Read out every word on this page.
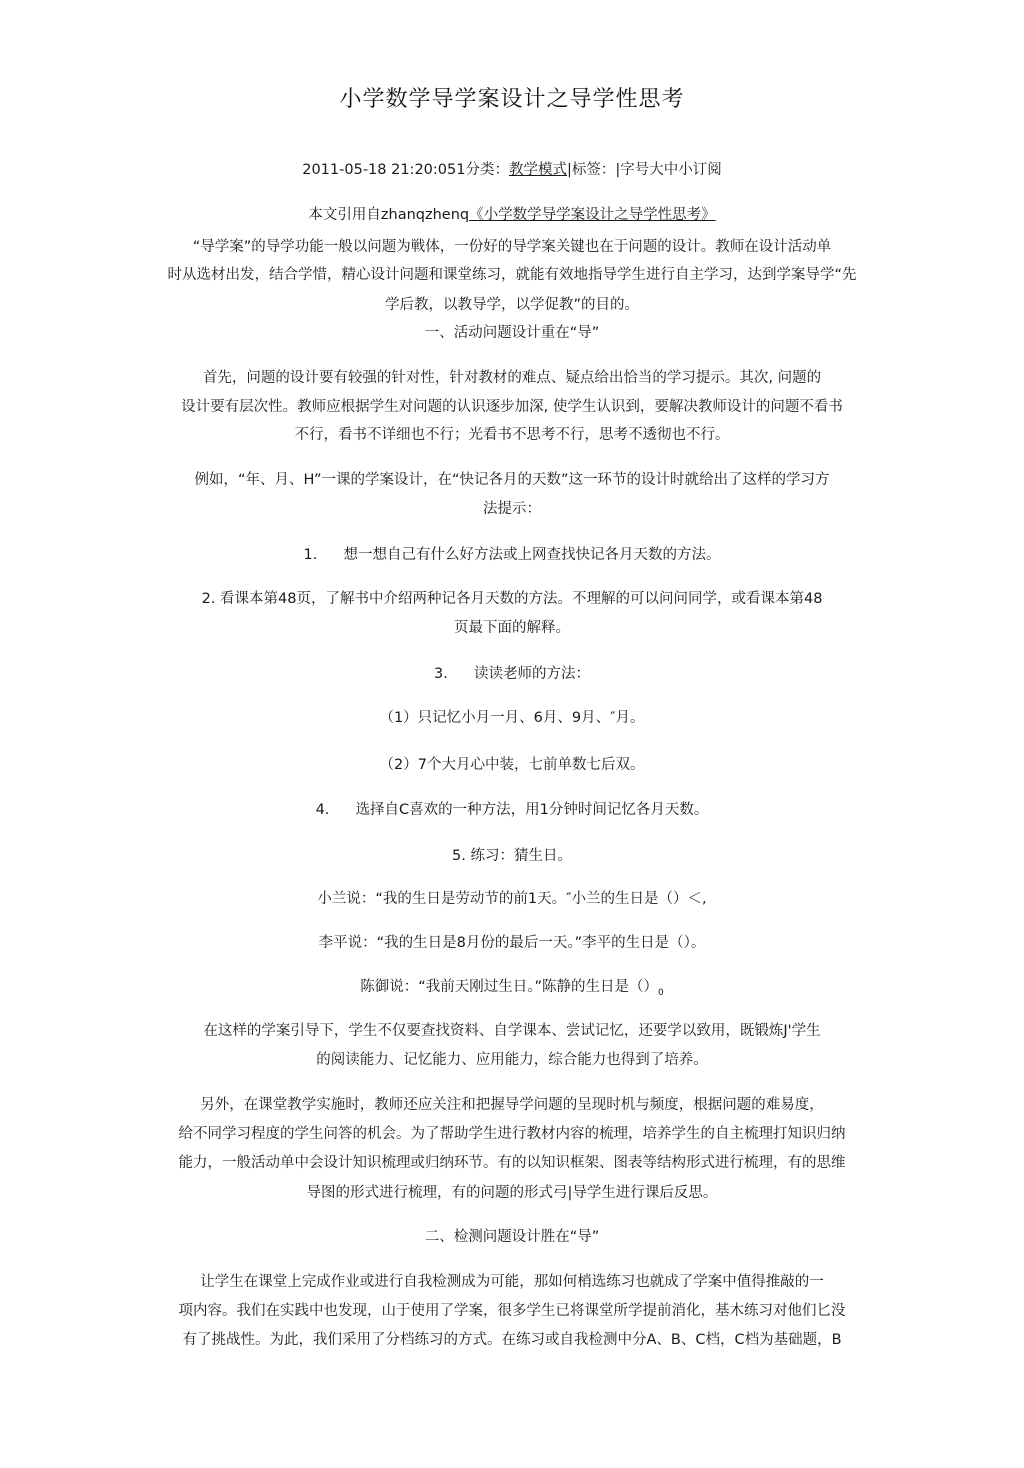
小学数学导学案设计之导学性思考
2011-05-18 21:20:051分类：教学模式|标签：|字号大中小订阅
本文引用自zhanqzhenq《小学数学导学案设计之导学性思考》
“导学案”的导学功能一般以问题为戦体，一份好的导学案关键也在于问题的设计。教师在设计活动单
时从选材出发，结合学惜，精心设计问题和课堂练习，就能有效地指导学生进行自主学习，达到学案导学“先
学后教，以教导学，以学促教”的目的。
一、活动问题设计重在“导”
首先，问题的设计要有较强的针对性，针对教材的难点、疑点给出恰当的学习提示。其次, 问题的
设计要有层次性。教师应根据学生对问题的认识逐步加深, 使学生认识到，要解决教师设计的问题不看书
不行，看书不详细也不行；光看书不思考不行，思考不透彻也不行。
例如，“年、月、H”一课的学案设计，在“快记各月的天数”这一环节的设计时就给出了这样的学习方
法提示：
1. 想一想自己有什么好方法或上网查找快记各月天数的方法。
2. 看课本第48页，了解书中介绍两种记各月天数的方法。不理解的可以问问同学，或看课本第48
页最下面的解释。
3. 读读老师的方法：
（1）只记忆小月一月、6月、9月、″月。
（2）7个大月心中装，七前单数七后双。
4. 选择自C喜欢的一种方法，用1分钟时间记忆各月天数。
5. 练习：猜生日。
小兰说：“我的生日是劳动节的前1天。″小兰的生日是（）＜,
李平说：“我的生日是8月份的最后一天。”李平的生日是（）。
陈御说：“我前天刚过生日。”陈静的生日是$()_0$
在这样的学案引导下，学生不仅要查找资料、自学课本、尝试记忆，还要学以致用，既锻炼J'学生
的阅读能力、记忆能力、应用能力，综合能力也得到了培养。
另外，在课堂教学实施时，教师还应关注和把握导学问题的呈现时机与频度，根据问题的难易度，
给不同学习程度的学生问答的机会。为了帮助学生进行教材内容的梳理，培养学生的自主梳理打知识归纳
能力，一般活动单中会设计知识梳理或归纳环节。有的以知识框架、图表等结构形式进行梳理，有的思维
导图的形式进行梳理，有的问题的形式弓|导学生进行课后反思。
二、检测问题设计胜在“导”
让学生在课堂上完成作业或进行自我检测成为可能，那如何梢选练习也就成了学案中值得推敲的一
项内容。我们在实践中也发现，山于使用了学案，很多学生已将课堂所学提前消化，基木练习对他们匕没
有了挑战性。为此，我们采用了分档练习的方式。在练习或自我检测中分A、B、C档，C档为基础题，B
